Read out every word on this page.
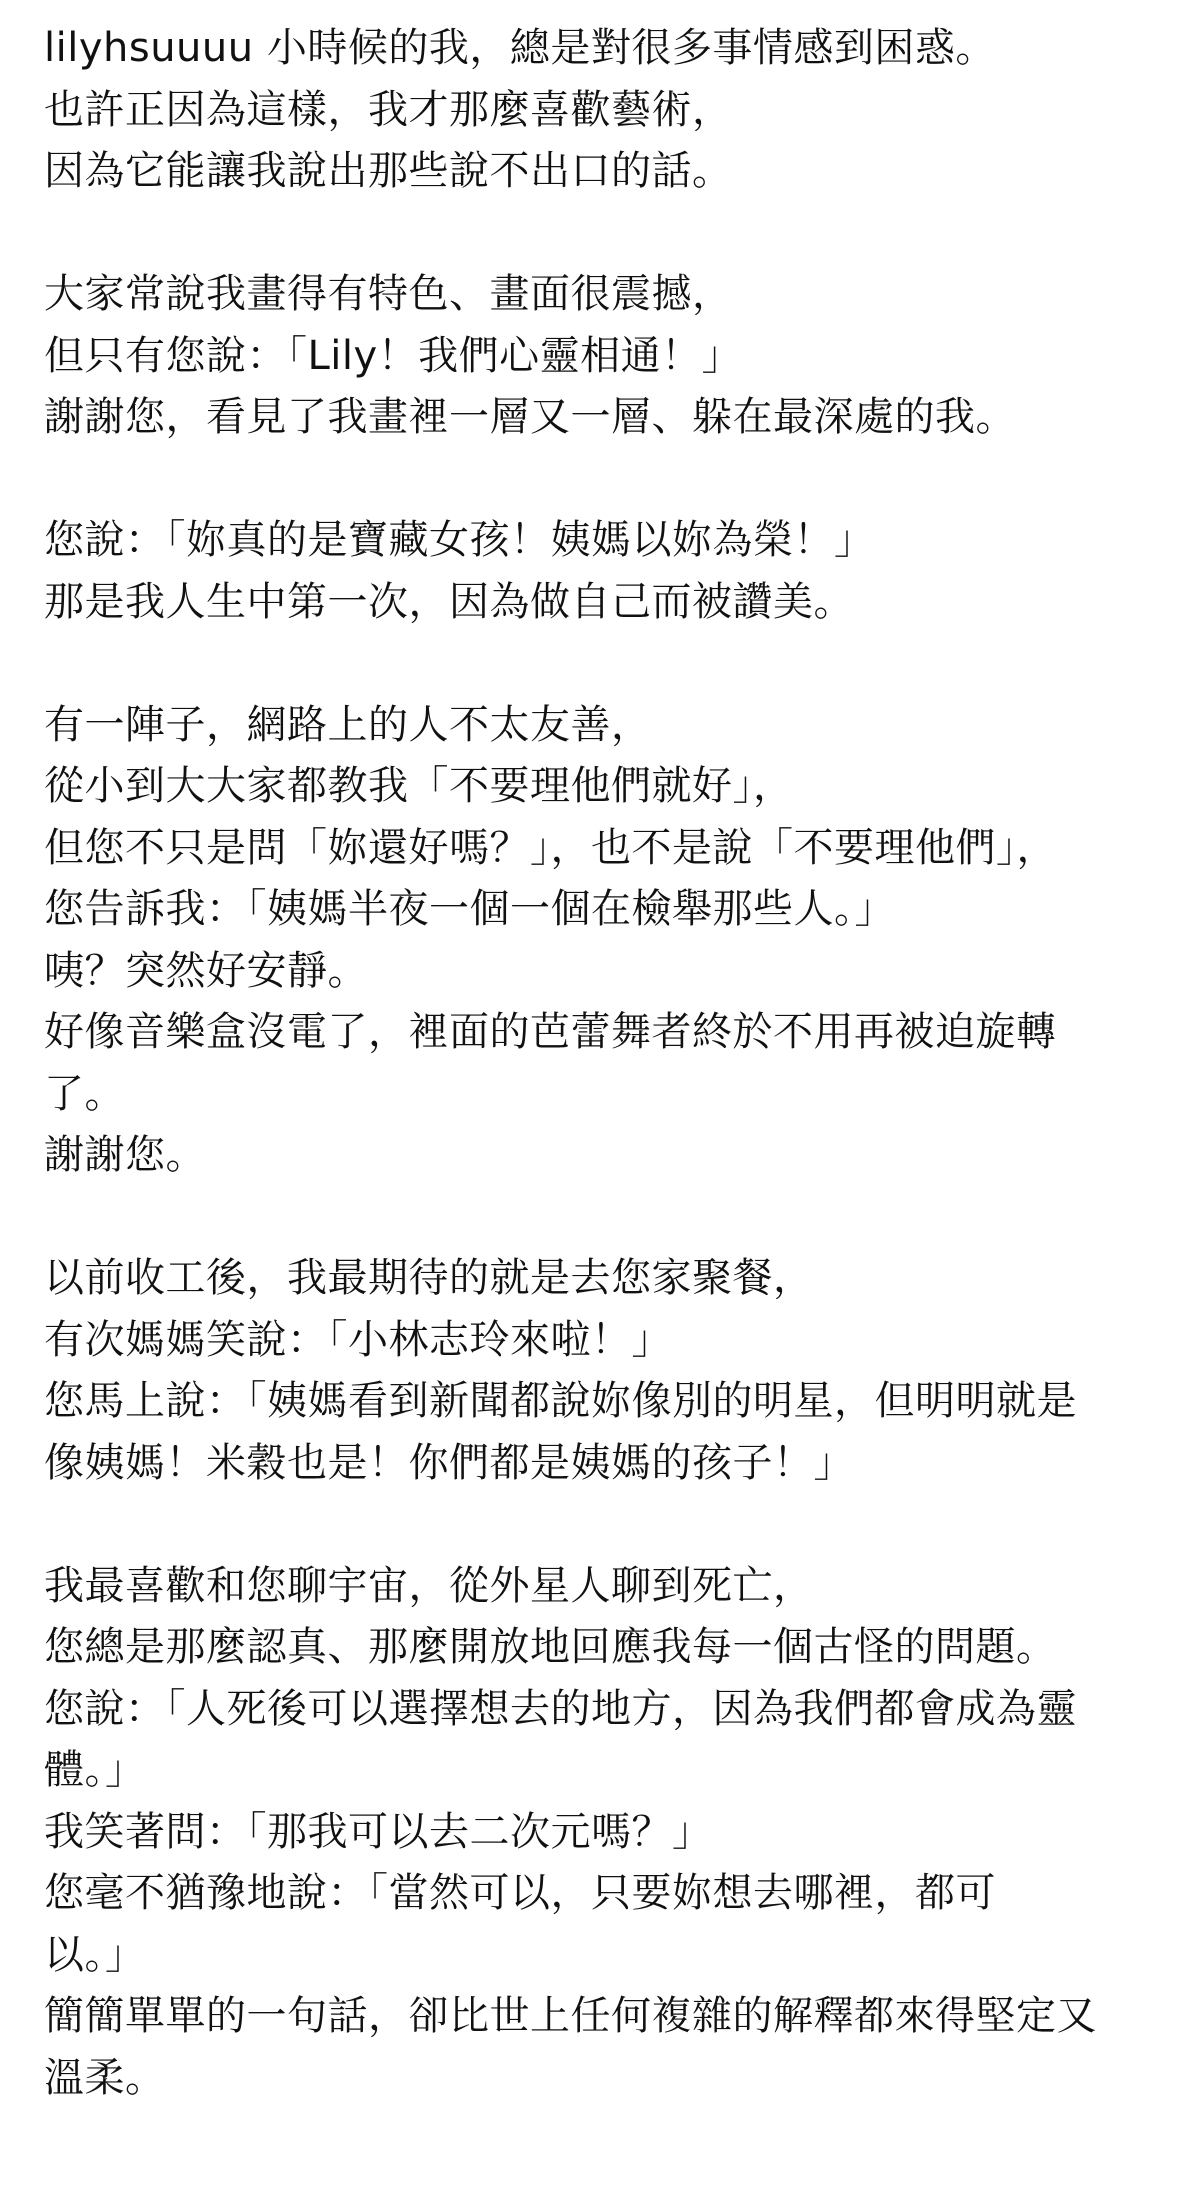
lilyhsuuuu 小時候的我，總是對很多事情感到困惑。
也許正因為這樣，我才那麼喜歡藝術，
因為它能讓我說出那些說不出口的話。
大家常說我畫得有特色、畫面很震撼，
但只有您說：「Lily！我們心靈相通！」
謝謝您，看見了我畫裡一層又一層、躲在最深處的我。
您說：「妳真的是寶藏女孩！姨媽以妳為榮！」
那是我人生中第一次，因為做自己而被讚美。
有一陣子，網路上的人不太友善，
從小到大大家都教我「不要理他們就好」，
但您不只是問「妳還好嗎？」，也不是說「不要理他們」，
您告訴我：「姨媽半夜一個一個在檢舉那些人。」
咦？突然好安靜。
好像音樂盒沒電了，裡面的芭蕾舞者終於不用再被迫旋轉
了。
謝謝您。
以前收工後，我最期待的就是去您家聚餐，
有次媽媽笑說：「小林志玲來啦！」
您馬上說：「姨媽看到新聞都說妳像別的明星，但明明就是
像姨媽！米穀也是！你們都是姨媽的孩子！」
我最喜歡和您聊宇宙，從外星人聊到死亡，
您總是那麼認真、那麼開放地回應我每一個古怪的問題。
您說：「人死後可以選擇想去的地方，因為我們都會成為靈
體。」
我笑著問：「那我可以去二次元嗎？」
您毫不猶豫地說：「當然可以，只要妳想去哪裡，都可
以。」
簡簡單單的一句話，卻比世上任何複雜的解釋都來得堅定又
溫柔。
